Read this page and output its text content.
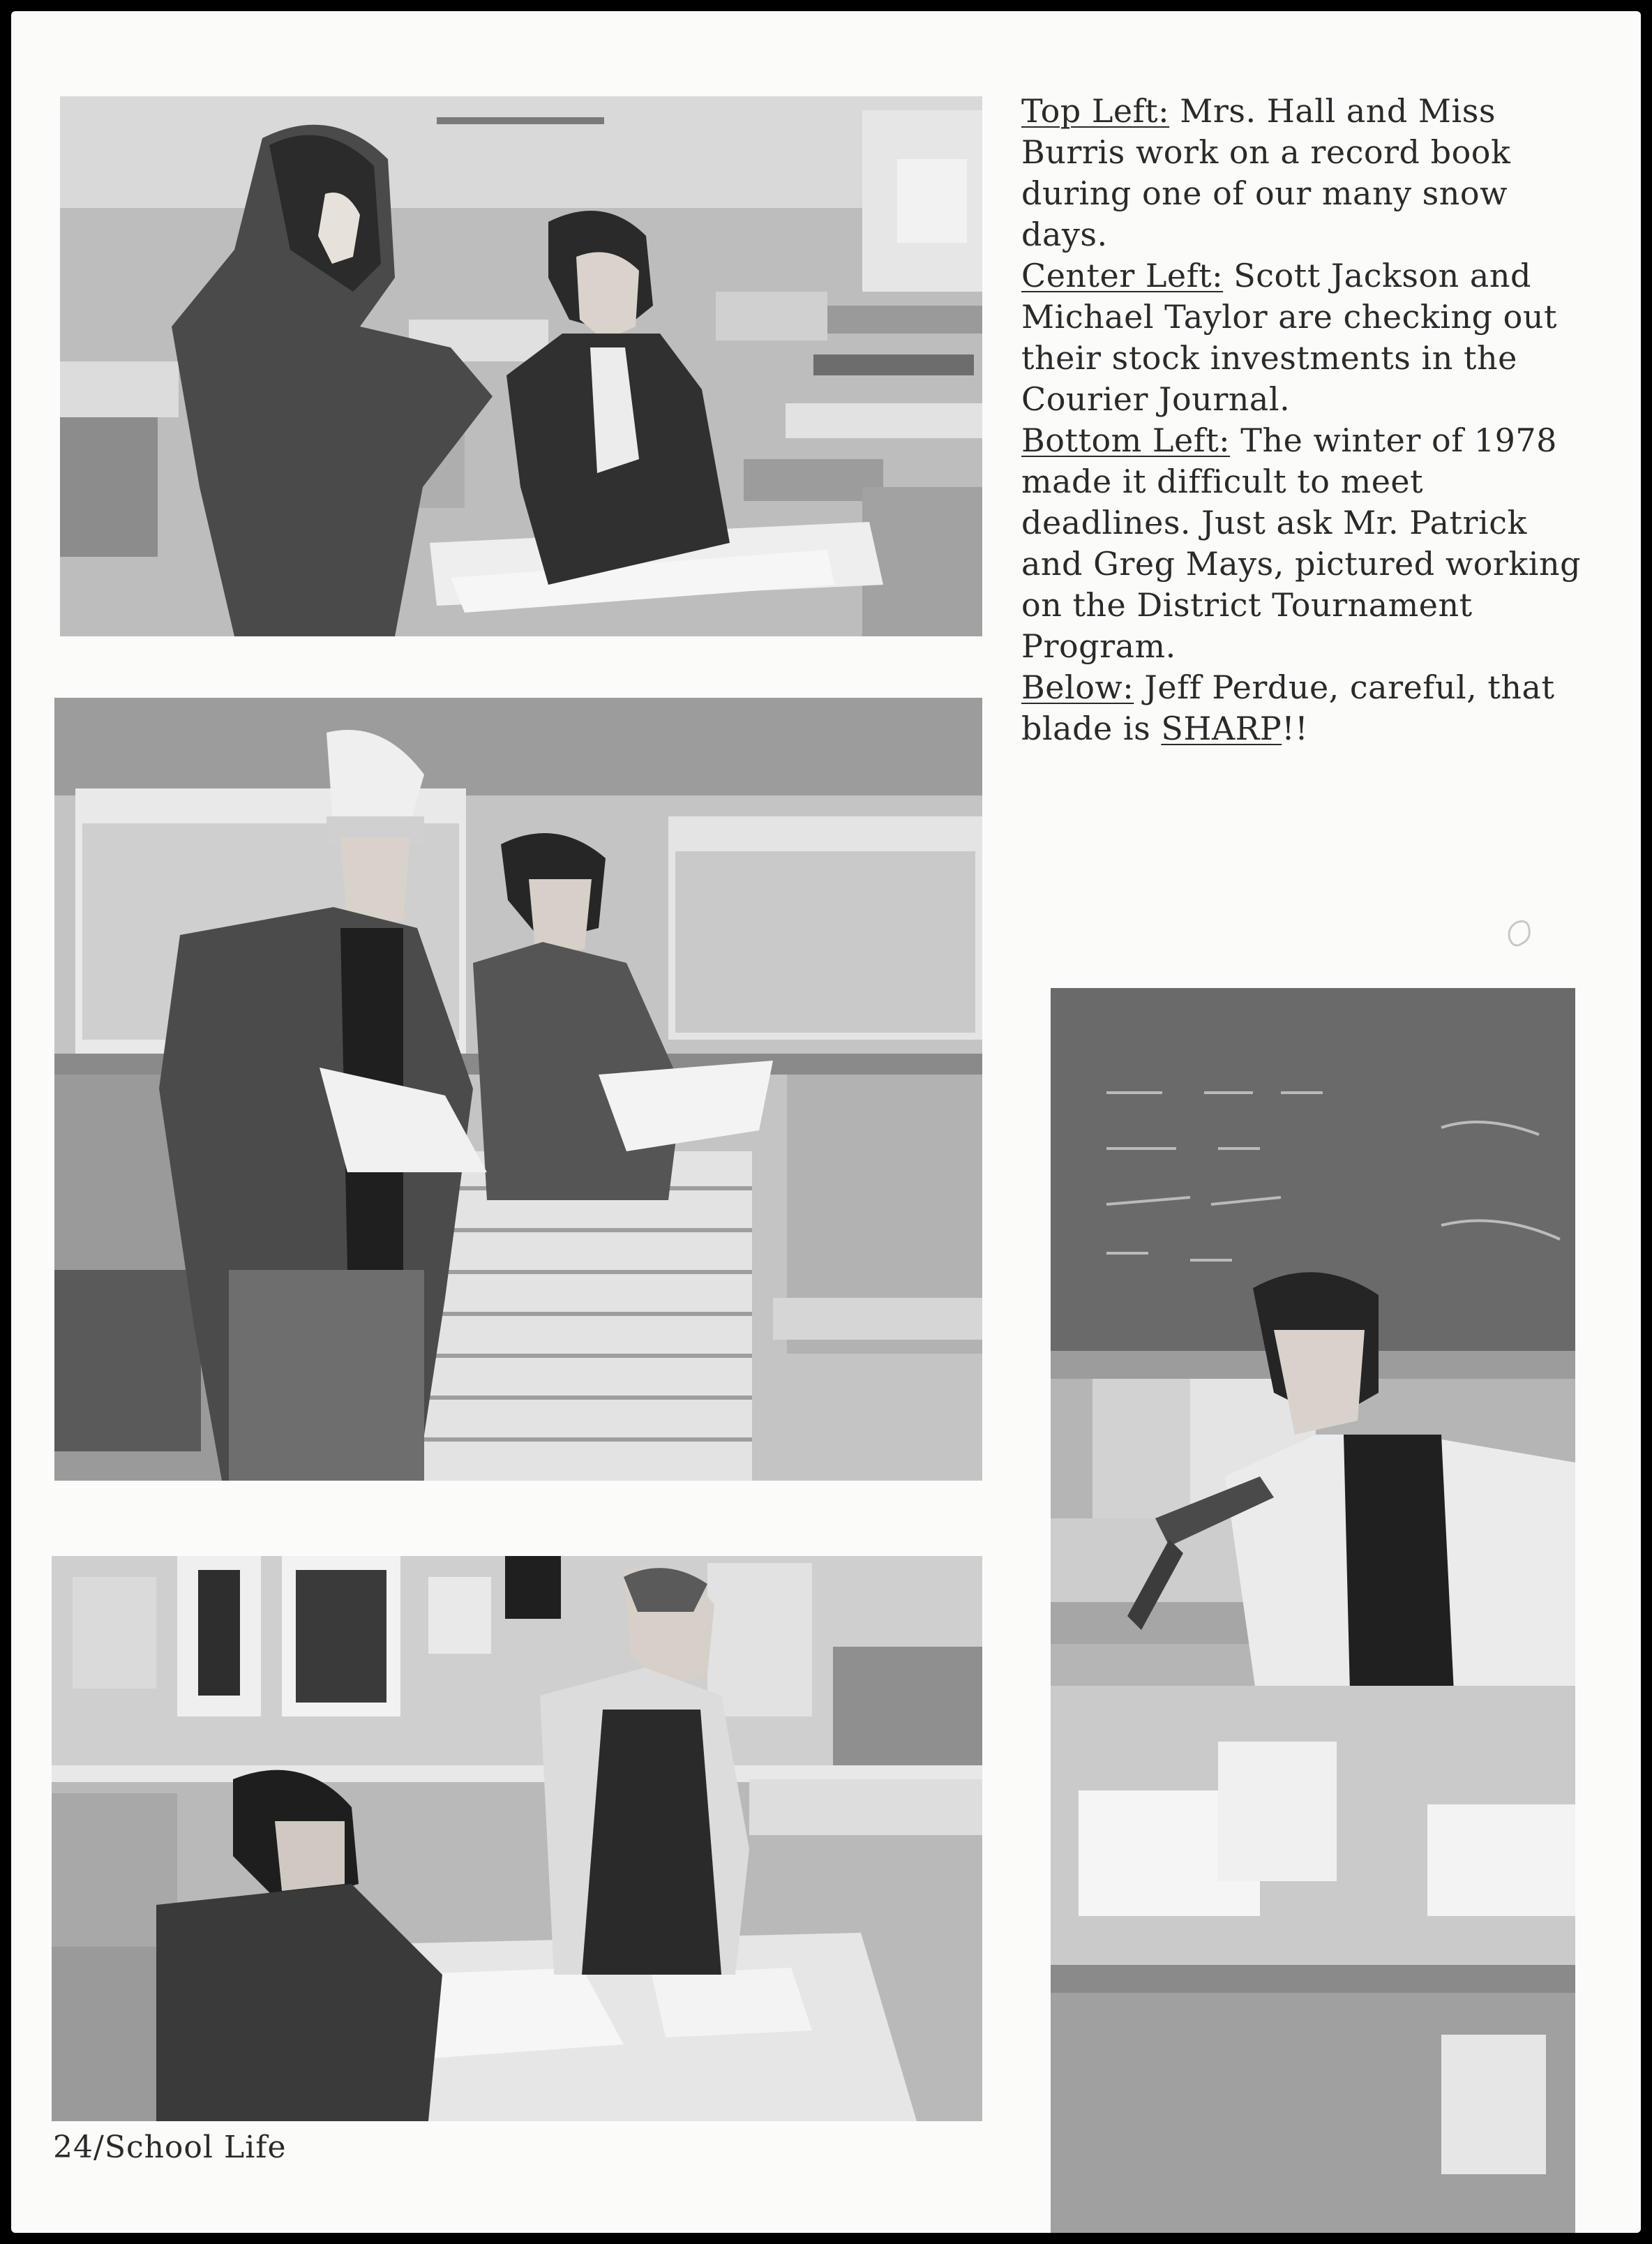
Top Left: Mrs. Hall and Miss Burris work on a record book during one of our many snow days.

Center Left: Scott Jackson and Michael Taylor are checking out their stock investments in the Courier Journal.

Bottom Left: The winter of 1978 made it difficult to meet deadlines. Just ask Mr. Patrick and Greg Mays, pictured working on the District Tournament Program.

Below: Jeff Perdue, careful, that blade is SHARP!!

24/School Life
